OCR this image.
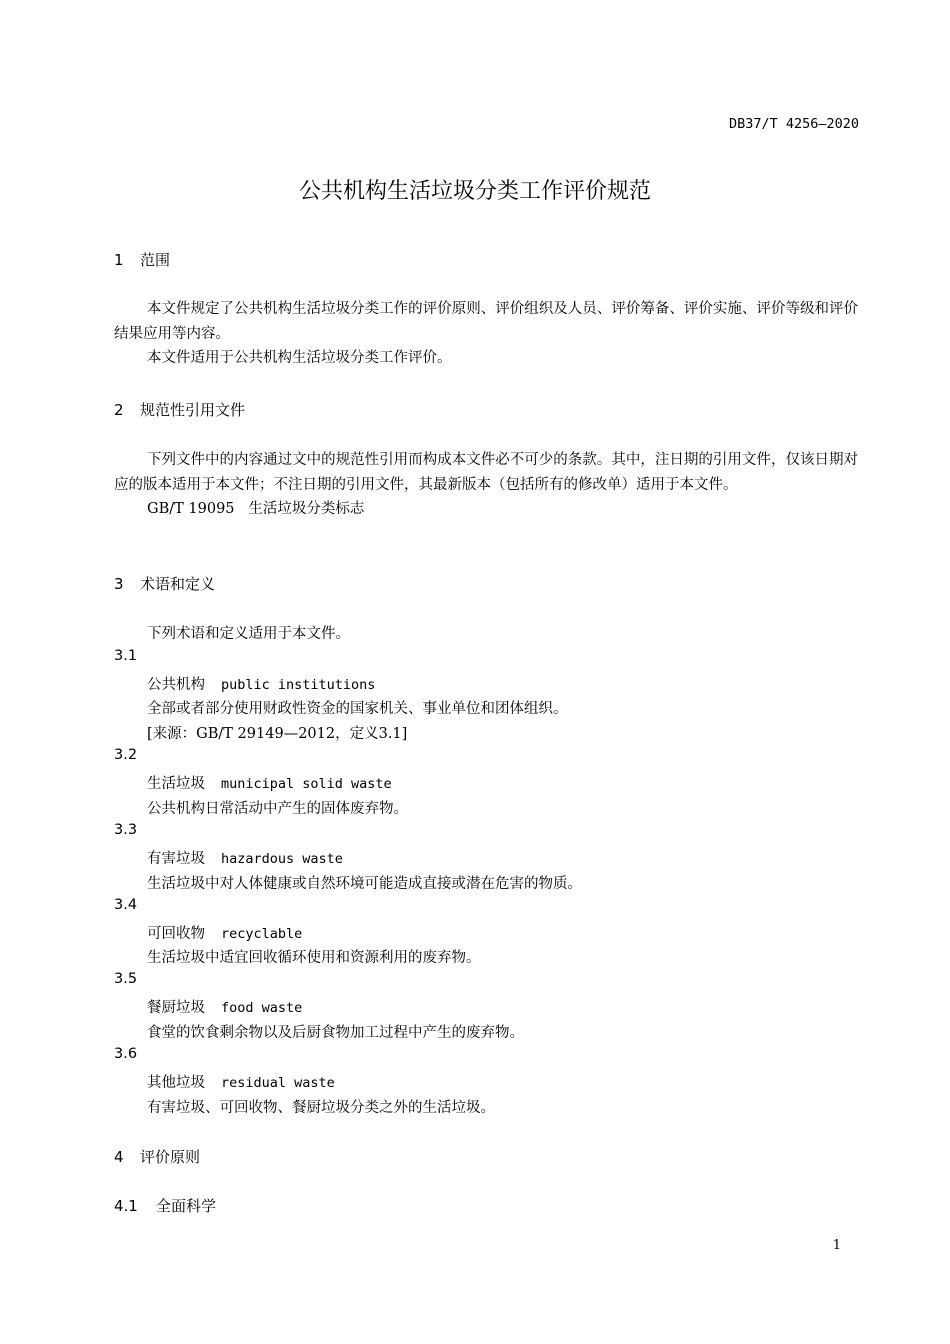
DB37/T 4256—2020
公共机构生活垃圾分类工作评价规范
1 范围

本文件规定了公共机构生活垃圾分类工作的评价原则、评价组织及人员、评价筹备、评价实施、评价等级和评价结果应用等内容。

本文件适用于公共机构生活垃圾分类工作评价。

2 规范性引用文件

下列文件中的内容通过文中的规范性引用而构成本文件必不可少的条款。其中，注日期的引用文件，仅该日期对应的版本适用于本文件；不注日期的引用文件，其最新版本（包括所有的修改单）适用于本文件。

GB/T 19095 生活垃圾分类标志

3 术语和定义
下列术语和定义适用于本文件。
3.1
公共机构 public institutions
全部或者部分使用财政性资金的国家机关、事业单位和团体组织。
[来源：GB/T 29149—2012，定义3.1]
3.2
生活垃圾 municipal solid waste
公共机构日常活动中产生的固体废弃物。
3.3
有害垃圾 hazardous waste
生活垃圾中对人体健康或自然环境可能造成直接或潜在危害的物质。
3.4
可回收物 recyclable
生活垃圾中适宜回收循环使用和资源利用的废弃物。
3.5
餐厨垃圾 food waste
食堂的饮食剩余物以及后厨食物加工过程中产生的废弃物。
3.6
其他垃圾 residual waste
有害垃圾、可回收物、餐厨垃圾分类之外的生活垃圾。
4 评价原则
4.1 全面科学
1
